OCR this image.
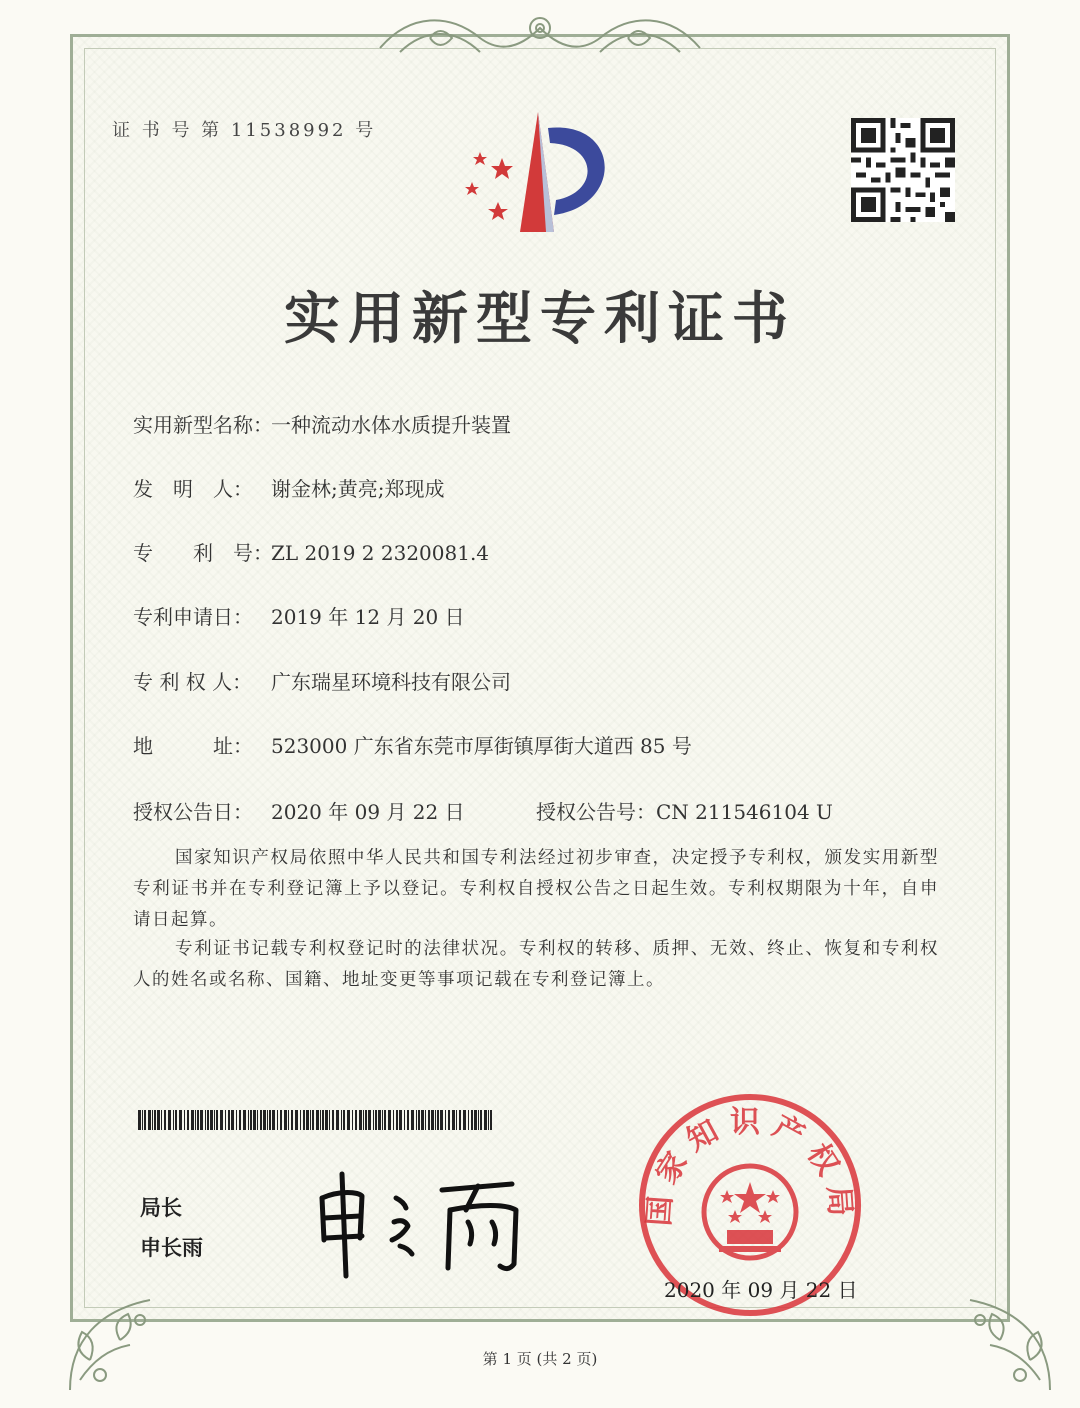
证 书 号 第 11538992 号
实用新型专利证书
实用新型名称：一种流动水体水质提升装置
发　明　人： 谢金林;黄亮;郑现成
专　　利　号：ZL 2019 2 2320081.4
专利申请日： 2019 年 12 月 20 日
专 利 权 人： 广东瑞星环境科技有限公司
地　　　址： 523000 广东省东莞市厚街镇厚街大道西 85 号
授权公告日： 2020 年 09 月 22 日	授权公告号：CN 211546104 U
国家知识产权局依照中华人民共和国专利法经过初步审查，决定授予专利权，颁发实用新型专利证书并在专利登记簿上予以登记。专利权自授权公告之日起生效。专利权期限为十年，自申请日起算。
专利证书记载专利权登记时的法律状况。专利权的转移、质押、无效、终止、恢复和专利权人的姓名或名称、国籍、地址变更等事项记载在专利登记簿上。
局长
申长雨
国家知识产权局
2020 年 09 月 22 日
第 1 页 (共 2 页)
